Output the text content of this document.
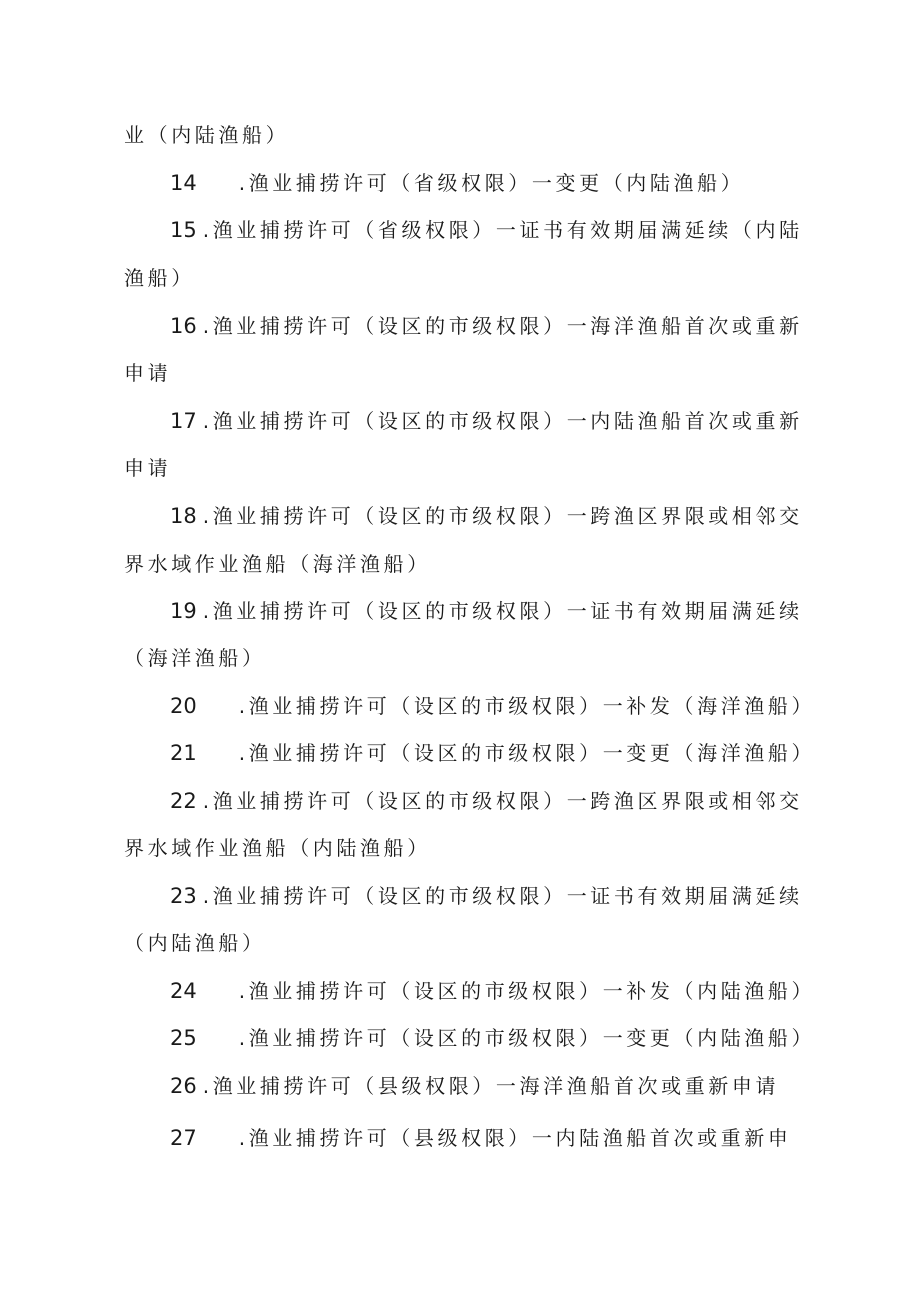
业（内陆渔船）
14 .渔业捕捞许可（省级权限）一变更（内陆渔船）
15 .渔业捕捞许可（省级权限）一证书有效期届满延续（内陆
渔船）
16 .渔业捕捞许可（设区的市级权限）一海洋渔船首次或重新
申请
17 .渔业捕捞许可（设区的市级权限）一内陆渔船首次或重新
申请
18 .渔业捕捞许可（设区的市级权限）一跨渔区界限或相邻交
界水域作业渔船（海洋渔船）
19 .渔业捕捞许可（设区的市级权限）一证书有效期届满延续
（海洋渔船）
20 .渔业捕捞许可（设区的市级权限）一补发（海洋渔船）
21 .渔业捕捞许可（设区的市级权限）一变更（海洋渔船）
22 .渔业捕捞许可（设区的市级权限）一跨渔区界限或相邻交
界水域作业渔船（内陆渔船）
23 .渔业捕捞许可（设区的市级权限）一证书有效期届满延续
（内陆渔船）
24 .渔业捕捞许可（设区的市级权限）一补发（内陆渔船）
25 .渔业捕捞许可（设区的市级权限）一变更（内陆渔船）
26 .渔业捕捞许可（县级权限）一海洋渔船首次或重新申请
27 .渔业捕捞许可（县级权限）一内陆渔船首次或重新申
